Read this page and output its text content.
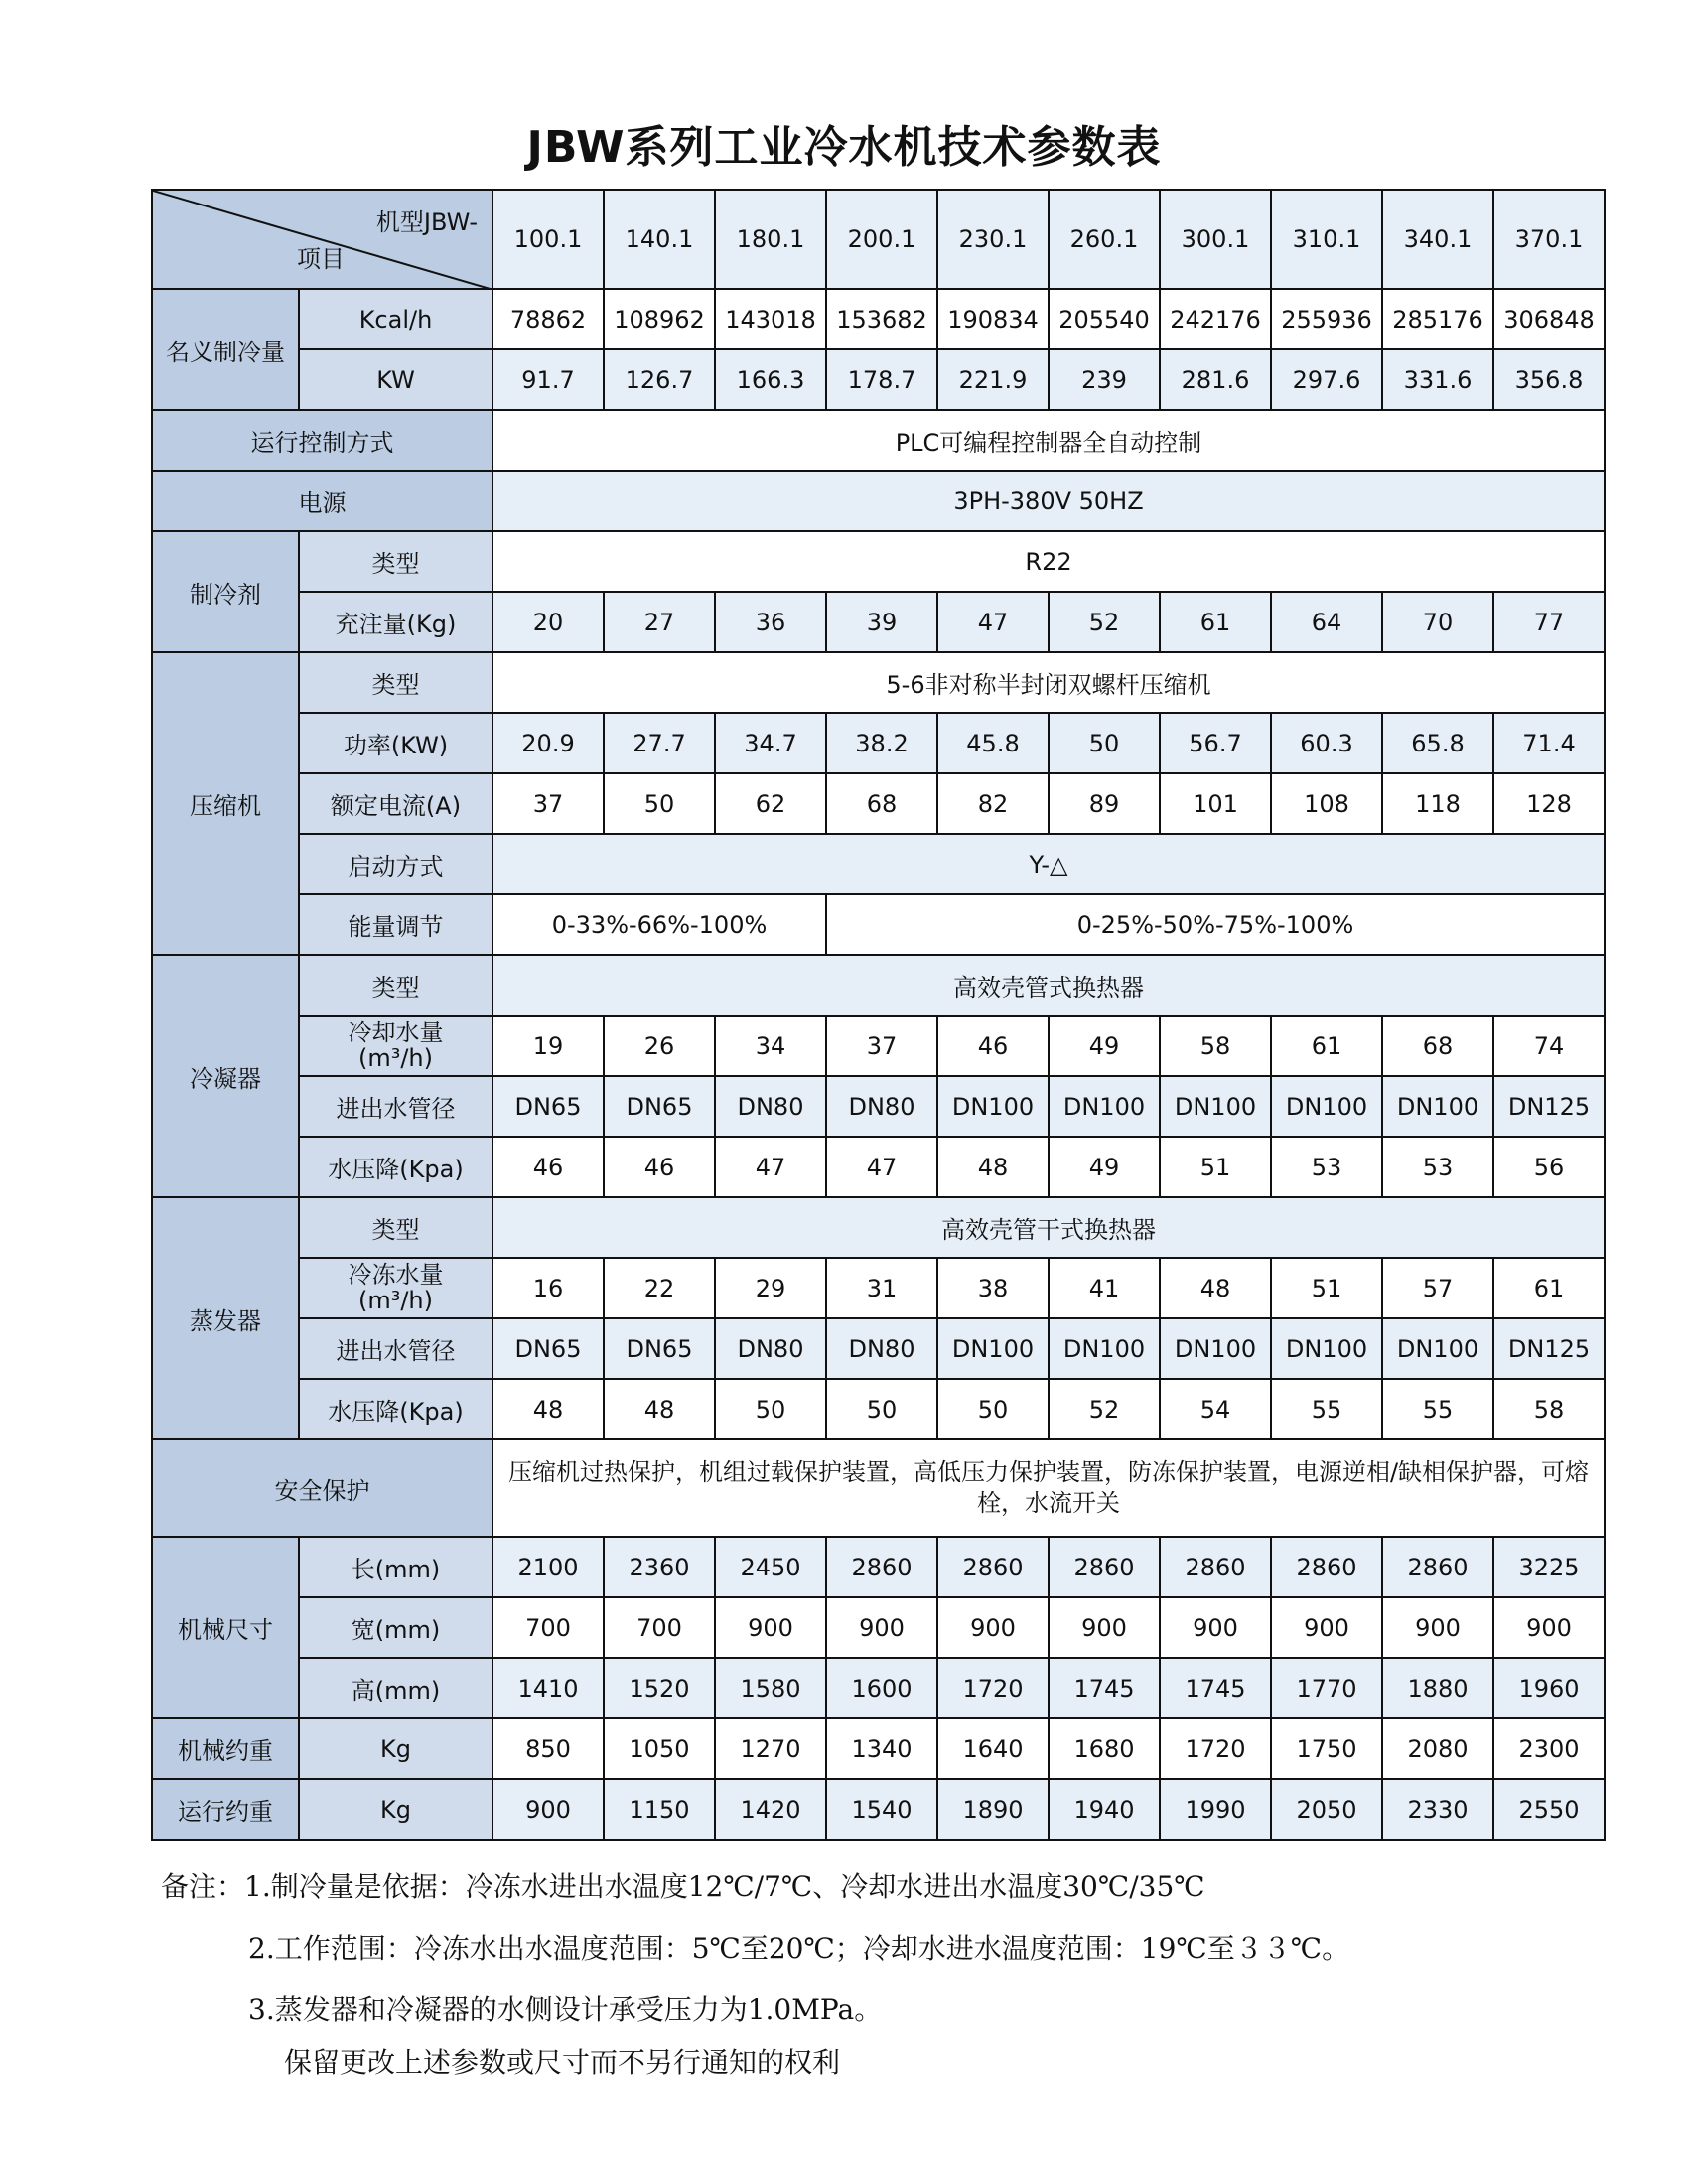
JBW系列工业冷水机技术参数表
机型JBW-
项目		100.1	140.1	180.1	200.1	230.1	260.1	300.1	310.1	340.1	370.1
名义制冷量	Kcal/h	78862	108962	143018	153682	190834	205540	242176	255936	285176	306848
	KW	91.7	126.7	166.3	178.7	221.9	239	281.6	297.6	331.6	356.8
运行控制方式		PLC可编程控制器全自动控制									
电源		3PH-380V 50HZ									
制冷剂	类型	R22									
	充注量(Kg)	20	27	36	39	47	52	61	64	70	77
压缩机	类型	5-6非对称半封闭双螺杆压缩机									
	功率(KW)	20.9	27.7	34.7	38.2	45.8	50	56.7	60.3	65.8	71.4
	额定电流(A)	37	50	62	68	82	89	101	108	118	128
	启动方式	Y-△									
	能量调节	0-33%-66%-100%			0-25%-50%-75%-100%						
冷凝器	类型	高效壳管式换热器									

	冷却水量
(m³/h)	19	26	34	37	46	49	58	61	68	74
	进出水管径	DN65	DN65	DN80	DN80	DN100	DN100	DN100	DN100	DN100	DN125
	水压降(Kpa)	46	46	47	47	48	49	51	53	53	56
蒸发器	类型	高效壳管干式换热器									

	冷冻水量
(m³/h)	16	22	29	31	38	41	48	51	57	61
	进出水管径	DN65	DN65	DN80	DN80	DN100	DN100	DN100	DN100	DN100	DN125
	水压降(Kpa)	48	48	50	50	50	52	54	55	55	58
安全保护		压缩机过热保护，机组过载保护装置，高低压力保护装置，防冻保护装置，电源逆相/缺相保护器，可熔栓，水流开关									
机械尺寸	长(mm)	2100	2360	2450	2860	2860	2860	2860	2860	2860	3225
	宽(mm)	700	700	900	900	900	900	900	900	900	900
	高(mm)	1410	1520	1580	1600	1720	1745	1745	1770	1880	1960
机械约重	Kg	850	1050	1270	1340	1640	1680	1720	1750	2080	2300
运行约重	Kg	900	1150	1420	1540	1890	1940	1990	2050	2330	2550
备注：1.制冷量是依据：冷冻水进出水温度12℃/7℃、冷却水进出水温度30℃/35℃
2.工作范围：冷冻水出水温度范围：5℃至20℃；冷却水进水温度范围：19℃至３３℃。
3.蒸发器和冷凝器的水侧设计承受压力为1.0MPa。
保留更改上述参数或尺寸而不另行通知的权利
